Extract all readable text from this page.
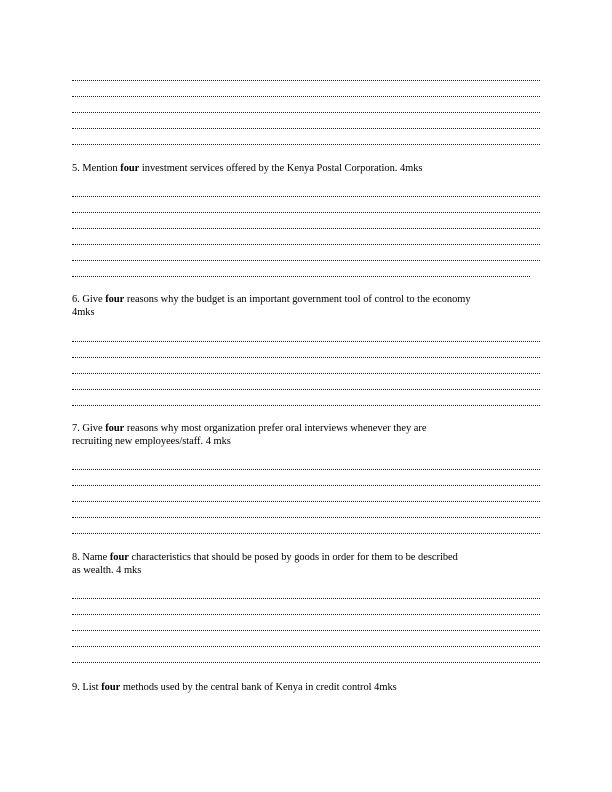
5. Mention four investment services offered by the Kenya Postal Corporation. 4mks
6. Give four reasons why the budget is an important government tool of control to the economy
4mks
7. Give four reasons why most organization prefer oral interviews whenever they are
recruiting new employees/staff. 4 mks
8. Name four characteristics that should be posed by goods in order for them to be described
as wealth. 4 mks
9. List four methods used by the central bank of Kenya in credit control 4mks
